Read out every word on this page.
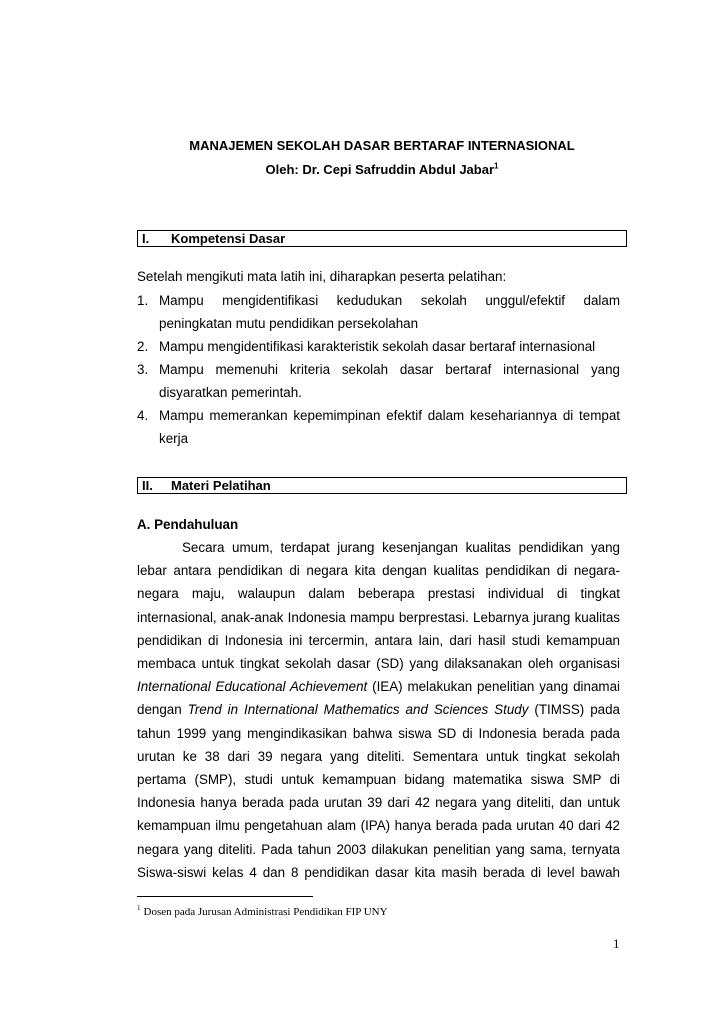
MANAJEMEN SEKOLAH DASAR BERTARAF INTERNASIONAL
Oleh: Dr. Cepi Safruddin Abdul Jabar$^1$
I. Kompetensi Dasar
Setelah mengikuti mata latih ini, diharapkan peserta pelatihan:
1. Mampu mengidentifikasi kedudukan sekolah unggul/efektif dalam
peningkatan mutu pendidikan persekolahan
2. Mampu mengidentifikasi karakteristik sekolah dasar bertaraf internasional
3. Mampu memenuhi kriteria sekolah dasar bertaraf internasional yang
disyaratkan pemerintah.
4. Mampu memerankan kepemimpinan efektif dalam kesehariannya di tempat
kerja
II. Materi Pelatihan
A. Pendahuluan
Secara umum, terdapat jurang kesenjangan kualitas pendidikan yang
lebar antara pendidikan di negara kita dengan kualitas pendidikan di negara-
negara maju, walaupun dalam beberapa prestasi individual di tingkat
internasional, anak-anak Indonesia mampu berprestasi. Lebarnya jurang kualitas
pendidikan di Indonesia ini tercermin, antara lain, dari hasil studi kemampuan
membaca untuk tingkat sekolah dasar (SD) yang dilaksanakan oleh organisasi
International Educational Achievement (IEA) melakukan penelitian yang dinamai
dengan Trend in International Mathematics and Sciences Study (TIMSS) pada
tahun 1999 yang mengindikasikan bahwa siswa SD di Indonesia berada pada
urutan ke 38 dari 39 negara yang diteliti. Sementara untuk tingkat sekolah
pertama (SMP), studi untuk kemampuan bidang matematika siswa SMP di
Indonesia hanya berada pada urutan 39 dari 42 negara yang diteliti, dan untuk
kemampuan ilmu pengetahuan alam (IPA) hanya berada pada urutan 40 dari 42
negara yang diteliti. Pada tahun 2003 dilakukan penelitian yang sama, ternyata
Siswa-siswi kelas 4 dan 8 pendidikan dasar kita masih berada di level bawah
$^1$ Dosen pada Jurusan Administrasi Pendidikan FIP UNY
1
